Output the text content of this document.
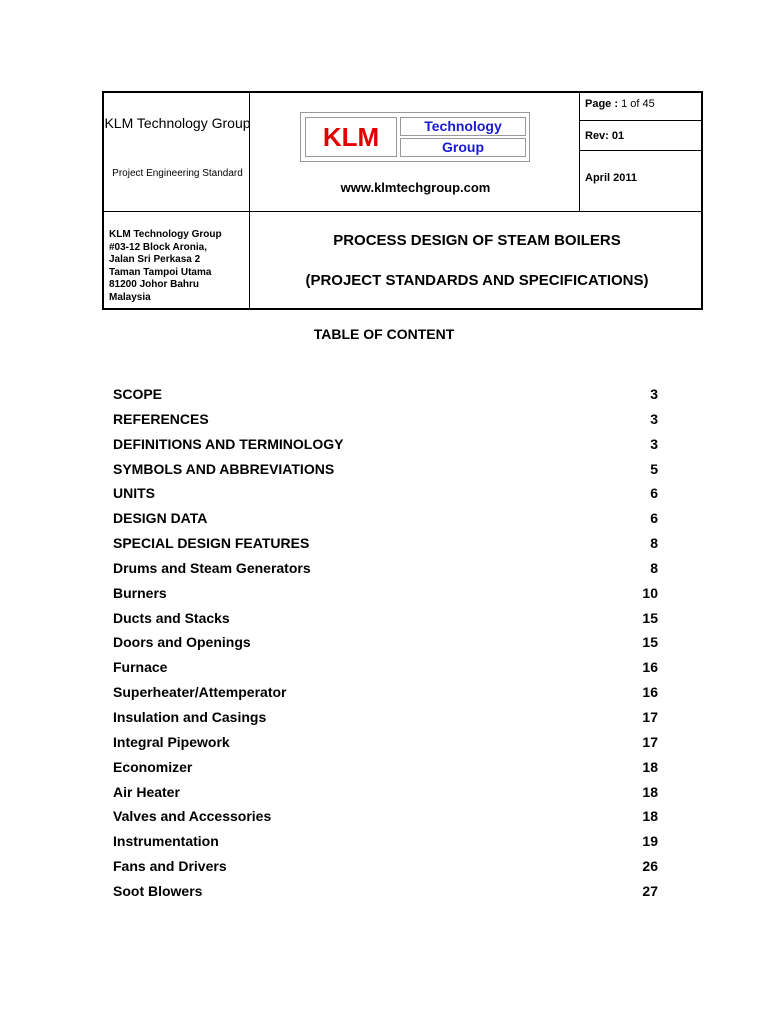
KLM Technology Group
Project Engineering Standard
KLM	Technology
Group
www.klmtechgroup.com
Page : 1 of 45
Rev: 01
April 2011
KLM Technology Group
#03-12 Block Aronia,
Jalan Sri Perkasa 2
Taman Tampoi Utama
81200 Johor Bahru
Malaysia
PROCESS DESIGN OF STEAM BOILERS
(PROJECT STANDARDS AND SPECIFICATIONS)
TABLE OF CONTENT
SCOPE	3
REFERENCES	3
DEFINITIONS AND TERMINOLOGY	3
SYMBOLS AND ABBREVIATIONS	5
UNITS	6
DESIGN DATA	6
SPECIAL DESIGN FEATURES	8
Drums and Steam Generators	8
Burners	10
Ducts and Stacks	15
Doors and Openings	15
Furnace	16
Superheater/Attemperator	16
Insulation and Casings	17
Integral Pipework	17
Economizer	18
Air Heater	18
Valves and Accessories	18
Instrumentation	19
Fans and Drivers	26
Soot Blowers	27
